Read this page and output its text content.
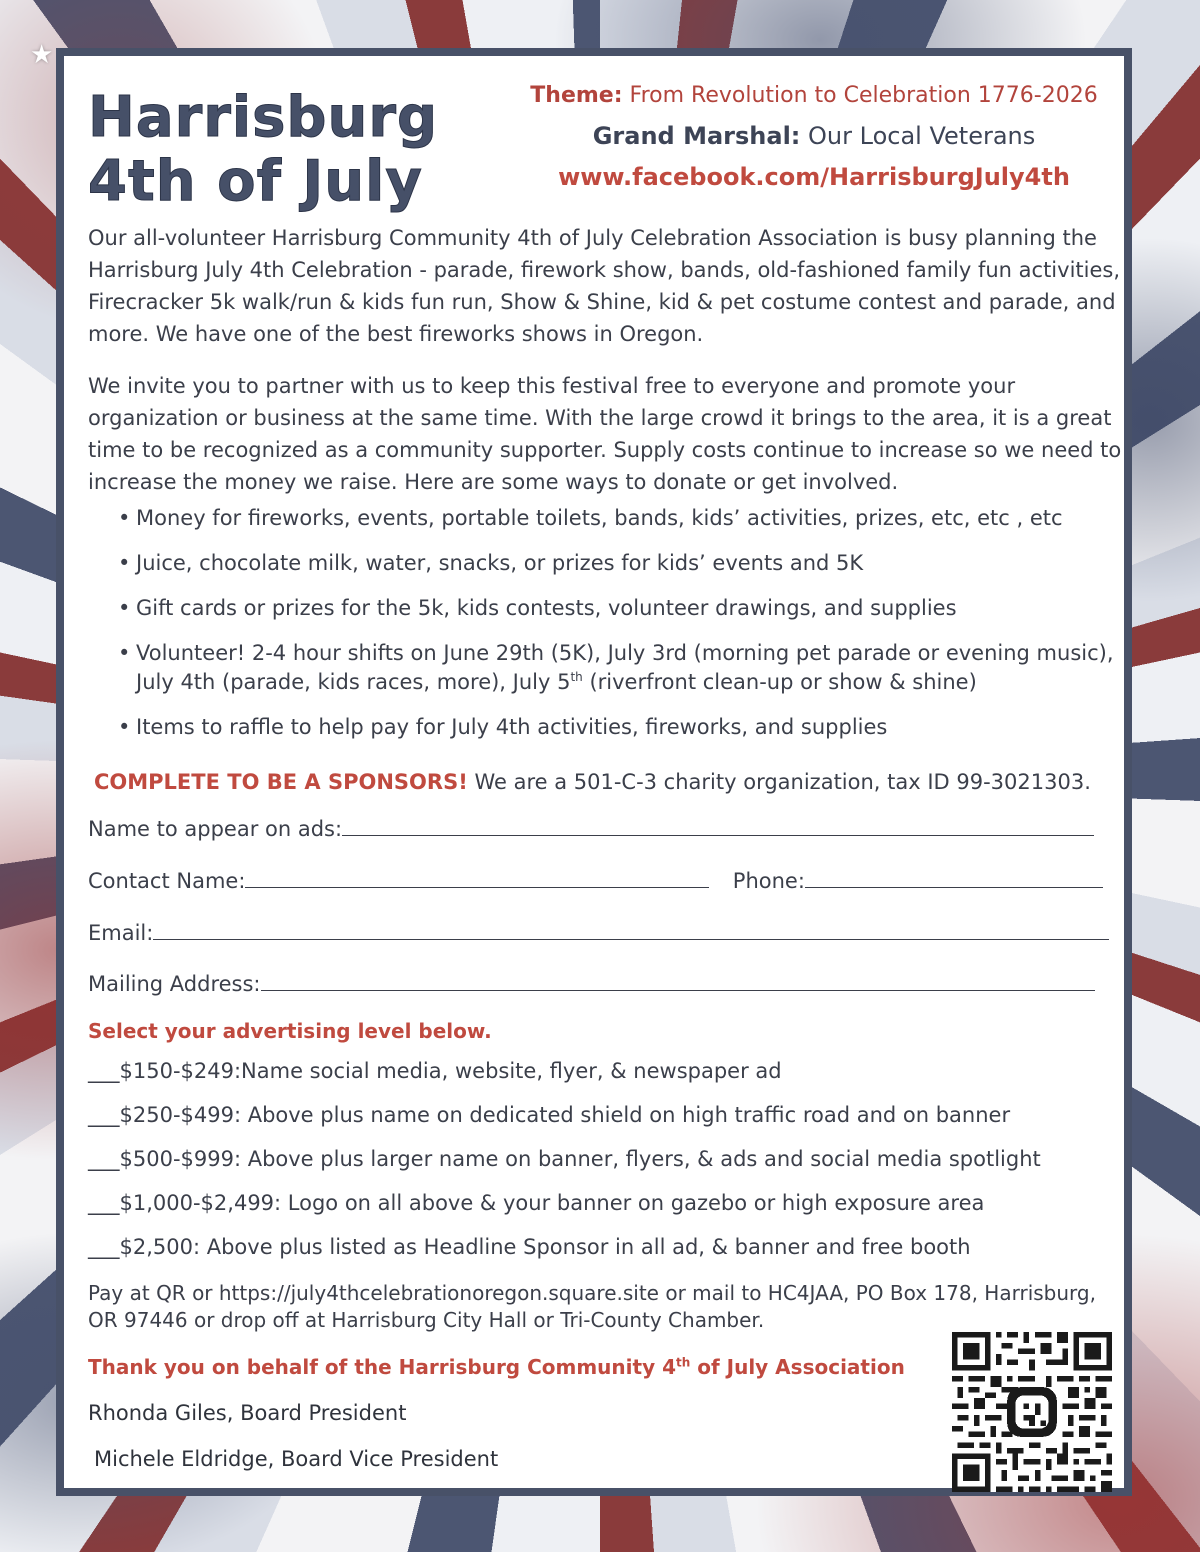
★
Harrisburg
4th of July
Theme: From Revolution to Celebration 1776-2026
Grand Marshal: Our Local Veterans
www.facebook.com/HarrisburgJuly4th
Our all-volunteer Harrisburg Community 4th of July Celebration Association is busy planning the Harrisburg July 4th Celebration - parade, firework show, bands, old-fashioned family fun activities, Firecracker 5k walk/run & kids fun run, Show & Shine, kid & pet costume contest and parade, and more. We have one of the best fireworks shows in Oregon.
We invite you to partner with us to keep this festival free to everyone and promote your organization or business at the same time. With the large crowd it brings to the area, it is a great time to be recognized as a community supporter. Supply costs continue to increase so we need to increase the money we raise. Here are some ways to donate or get involved.
• Money for fireworks, events, portable toilets, bands, kids’ activities, prizes, etc, etc , etc
• Juice, chocolate milk, water, snacks, or prizes for kids’ events and 5K
• Gift cards or prizes for the 5k, kids contests, volunteer drawings, and supplies
• Volunteer! 2-4 hour shifts on June 29th (5K), July 3rd (morning pet parade or evening music), July 4th (parade, kids races, more), July 5th (riverfront clean-up or show & shine)
• Items to raffle to help pay for July 4th activities, fireworks, and supplies
COMPLETE TO BE A SPONSORS! We are a 501-C-3 charity organization, tax ID 99-3021303.
Name to appear on ads:
Contact Name:	Phone:
Email:
Mailing Address:
Select your advertising level below.
___$150-$249:Name social media, website, flyer, & newspaper ad
___$250-$499: Above plus name on dedicated shield on high traffic road and on banner
___$500-$999: Above plus larger name on banner, flyers, & ads and social media spotlight
___$1,000-$2,499: Logo on all above & your banner on gazebo or high exposure area
___$2,500: Above plus listed as Headline Sponsor in all ad, & banner and free booth
Pay at QR or https://july4thcelebrationoregon.square.site or mail to HC4JAA, PO Box 178, Harrisburg, OR 97446 or drop off at Harrisburg City Hall or Tri-County Chamber.
Thank you on behalf of the Harrisburg Community 4th of July Association
Rhonda Giles, Board President
Michele Eldridge, Board Vice President
